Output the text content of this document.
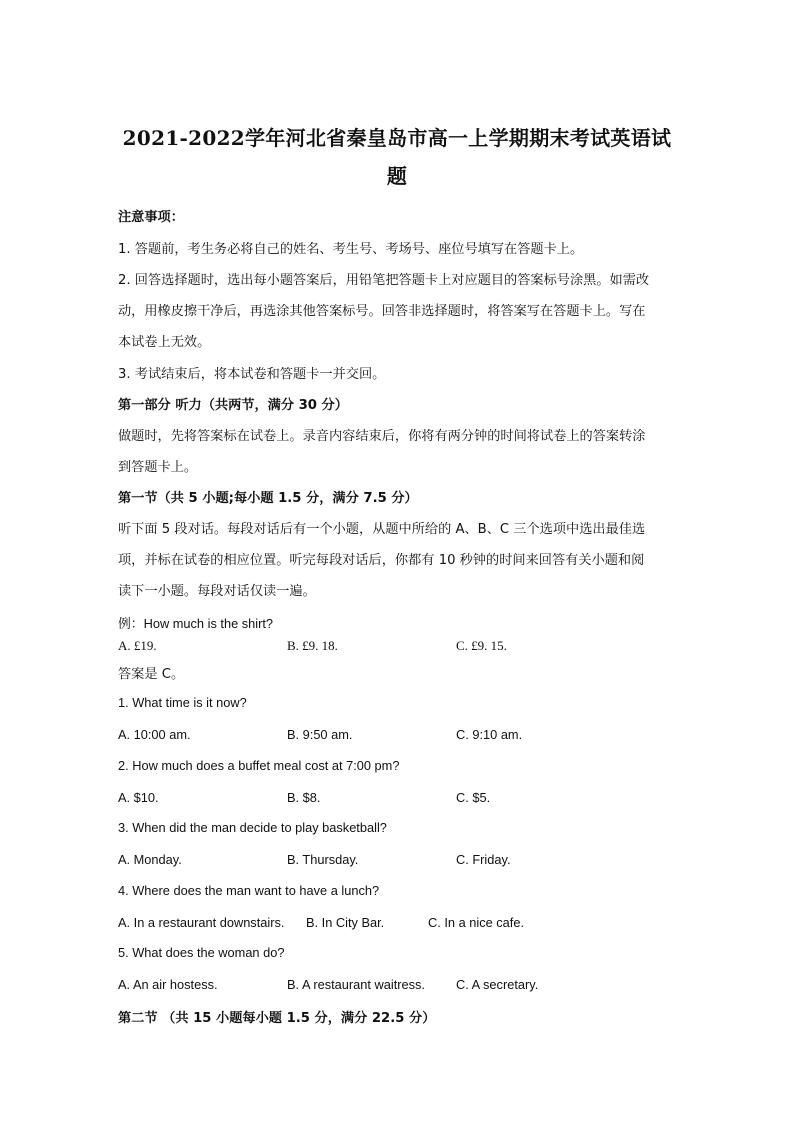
2021-2022学年河北省秦皇岛市高一上学期期末考试英语试
题
注意事项：
1. 答题前，考生务必将自己的姓名、考生号、考场号、座位号填写在答题卡上。
2. 回答选择题时，选出每小题答案后，用铅笔把答题卡上对应题目的答案标号涂黑。如需改
动，用橡皮擦干净后，再选涂其他答案标号。回答非选择题时，将答案写在答题卡上。写在
本试卷上无效。
3. 考试结束后，将本试卷和答题卡一并交回。
第一部分 听力（共两节，满分 30 分）
做题时，先将答案标在试卷上。录音内容结束后，你将有两分钟的时间将试卷上的答案转涂
到答题卡上。
第一节（共 5 小题;每小题 1.5 分，满分 7.5 分）
听下面 5 段对话。每段对话后有一个小题，从题中所给的 A、B、C 三个选项中选出最佳选
项，并标在试卷的相应位置。听完每段对话后，你都有 10 秒钟的时间来回答有关小题和阅
读下一小题。每段对话仅读一遍。
例：How much is the shirt?
A. £19.	B. £9. 18.	C. £9. 15.
答案是 C。
1. What time is it now?
A. 10:00 am.	B. 9:50 am.	C. 9:10 am.
2. How much does a buffet meal cost at 7:00 pm?
A. $10.	B. $8.	C. $5.
3. When did the man decide to play basketball?
A. Monday.	B. Thursday.	C. Friday.
4. Where does the man want to have a lunch?
A. In a restaurant downstairs. B. In City Bar.	C. In a nice cafe.
5. What does the woman do?
A. An air hostess.	B. A restaurant waitress. C. A secretary.
第二节 （共 15 小题每小题 1.5 分，满分 22.5 分）
